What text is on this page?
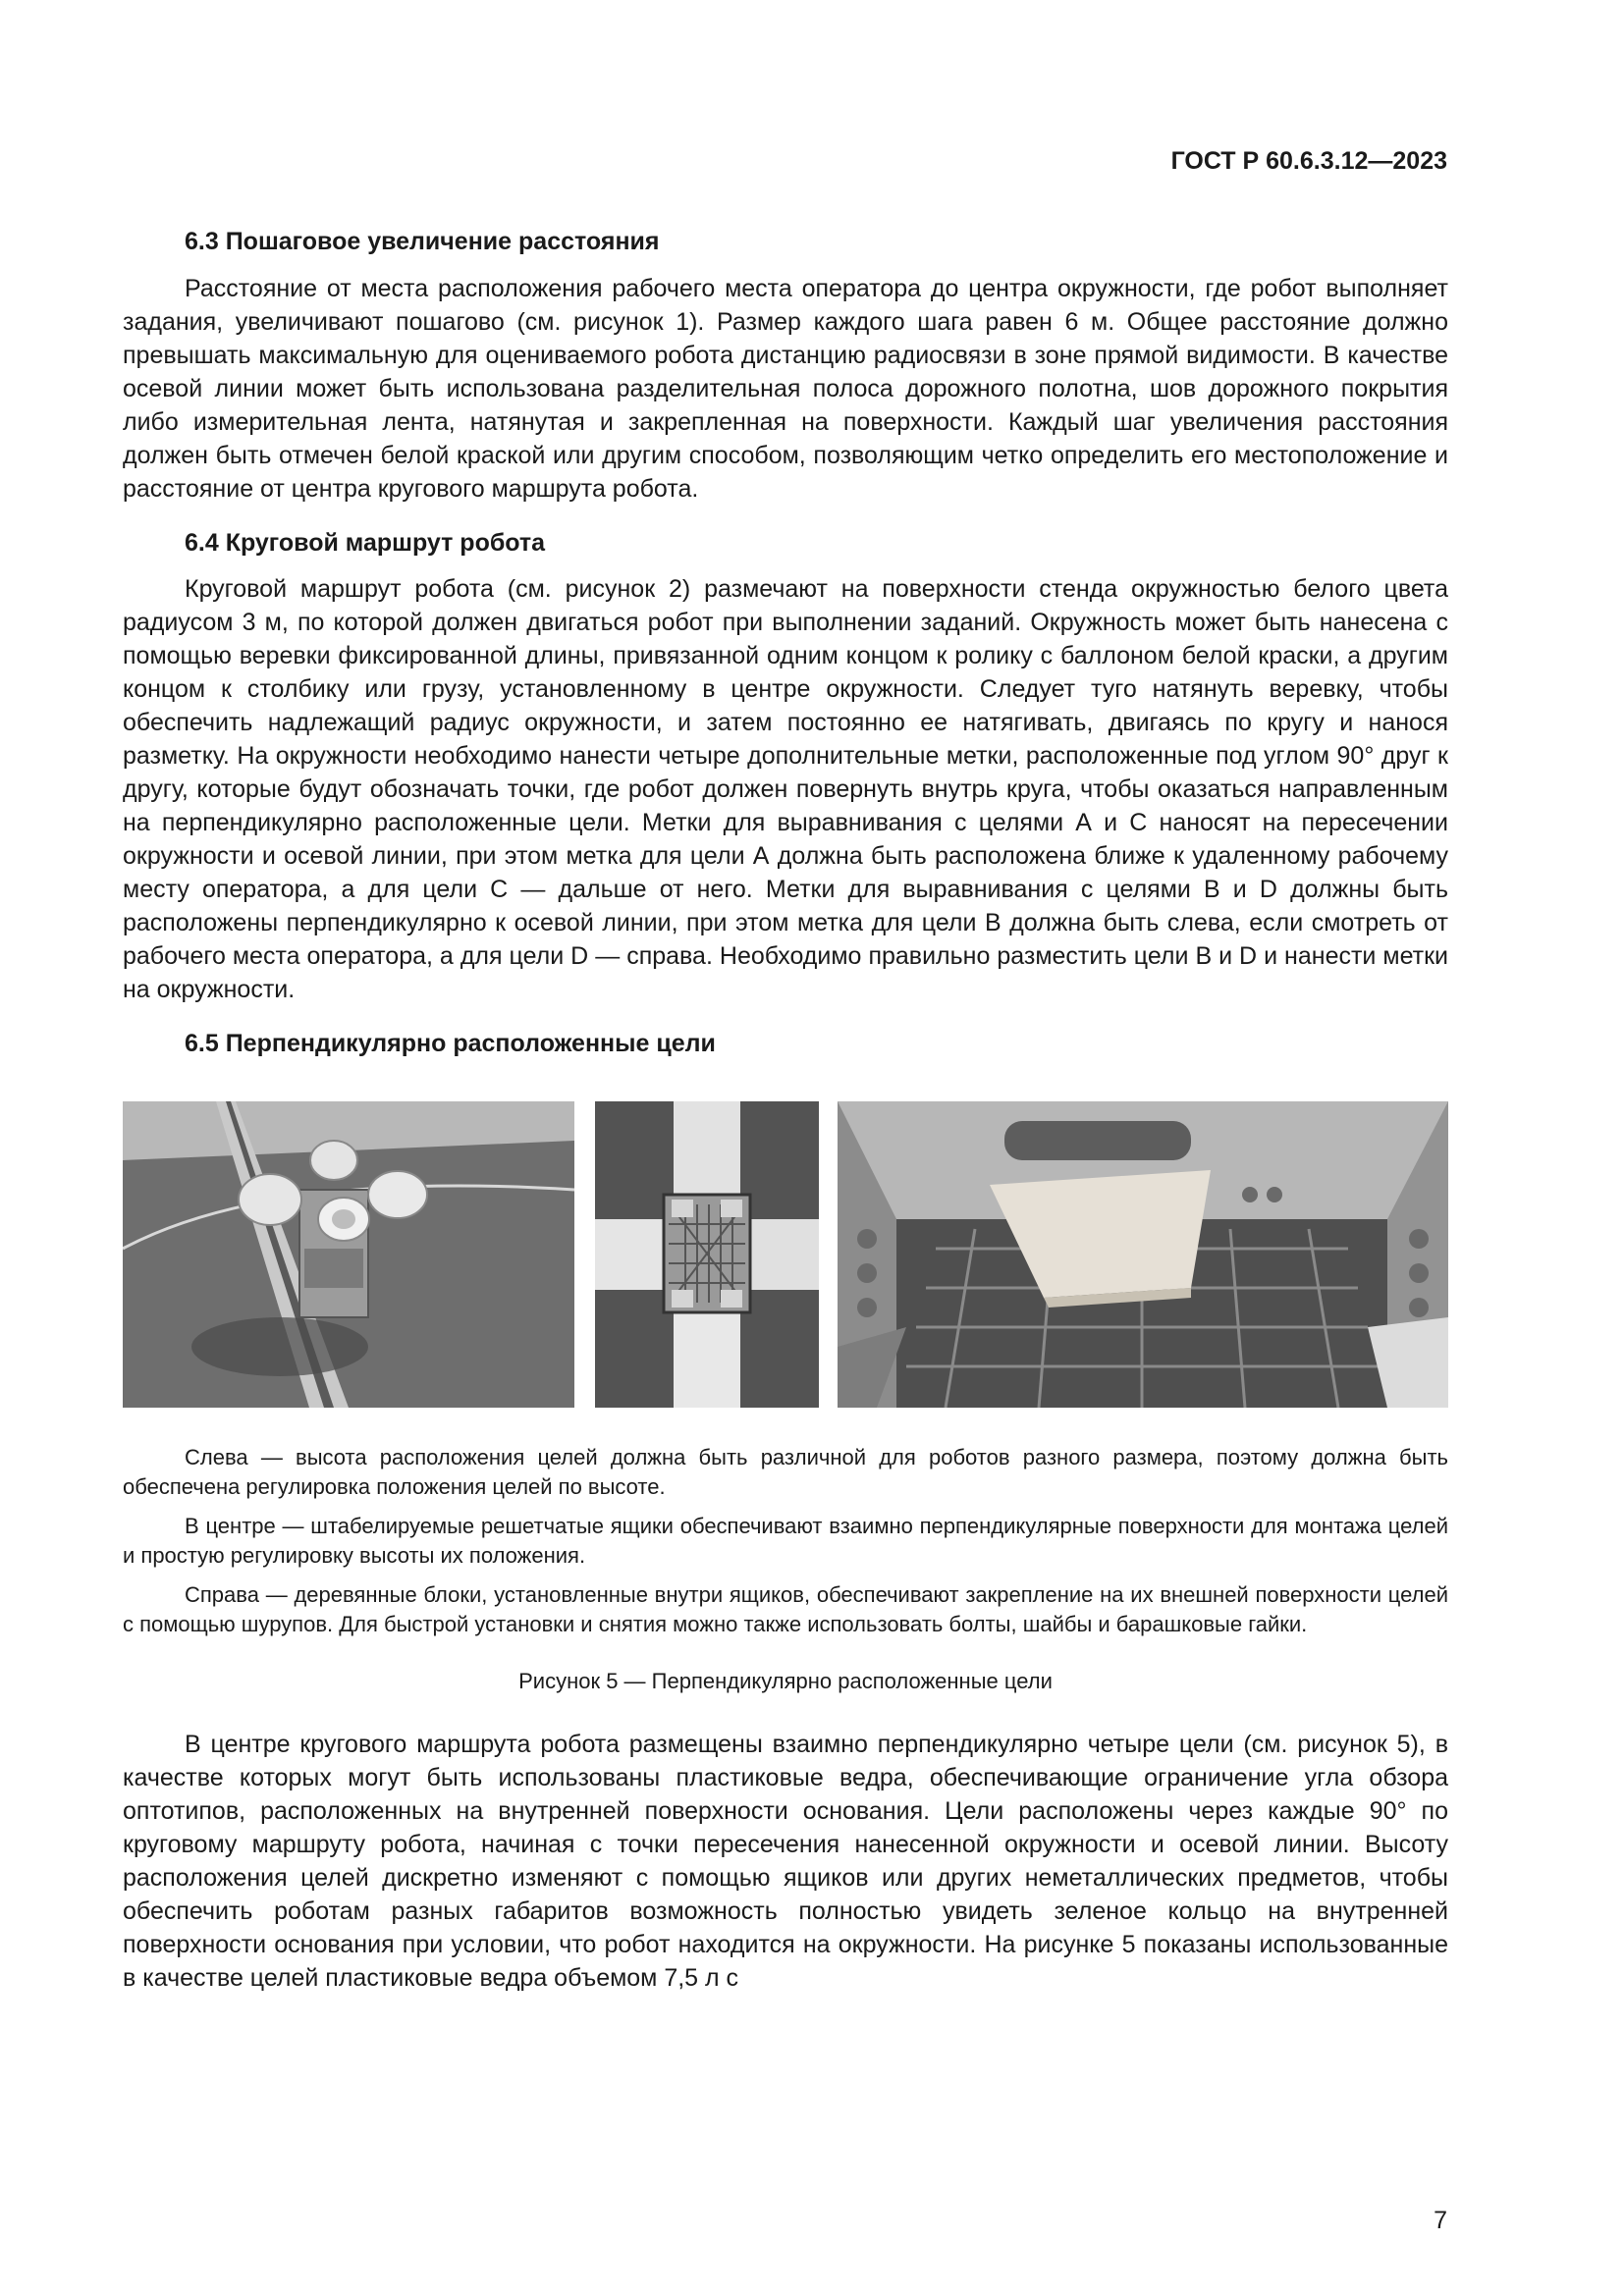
ГОСТ Р 60.6.3.12—2023
6.3 Пошаговое увеличение расстояния

Расстояние от места расположения рабочего места оператора до центра окружности, где робот выполняет задания, увеличивают пошагово (см. рисунок 1). Размер каждого шага равен 6 м. Общее расстояние должно превышать максимальную для оцениваемого робота дистанцию радиосвязи в зоне прямой видимости. В качестве осевой линии может быть использована разделительная полоса дорожного полотна, шов дорожного покрытия либо измерительная лента, натянутая и закрепленная на поверхности. Каждый шаг увеличения расстояния должен быть отмечен белой краской или другим способом, позволяющим четко определить его местоположение и расстояние от центра кругового маршрута робота.

6.4 Круговой маршрут робота

Круговой маршрут робота (см. рисунок 2) размечают на поверхности стенда окружностью белого цвета радиусом 3 м, по которой должен двигаться робот при выполнении заданий. Окружность может быть нанесена с помощью веревки фиксированной длины, привязанной одним концом к ролику с баллоном белой краски, а другим концом к столбику или грузу, установленному в центре окружности. Следует туго натянуть веревку, чтобы обеспечить надлежащий радиус окружности, и затем постоянно ее натягивать, двигаясь по кругу и нанося разметку. На окружности необходимо нанести четыре дополнительные метки, расположенные под углом 90° друг к другу, которые будут обозначать точки, где робот должен повернуть внутрь круга, чтобы оказаться направленным на перпендикулярно расположенные цели. Метки для выравнивания с целями А и С наносят на пересечении окружности и осевой линии, при этом метка для цели А должна быть расположена ближе к удаленному рабочему месту оператора, а для цели С — дальше от него. Метки для выравнивания с целями В и D должны быть расположены перпендикулярно к осевой линии, при этом метка для цели В должна быть слева, если смотреть от рабочего места оператора, а для цели D — справа. Необходимо правильно разместить цели В и D и нанести метки на окружности.

6.5 Перпендикулярно расположенные цели

Слева — высота расположения целей должна быть различной для роботов разного размера, поэтому должна быть обеспечена регулировка положения целей по высоте.

В центре — штабелируемые решетчатые ящики обеспечивают взаимно перпендикулярные поверхности для монтажа целей и простую регулировку высоты их положения.

Справа — деревянные блоки, установленные внутри ящиков, обеспечивают закрепление на их внешней поверхности целей с помощью шурупов. Для быстрой установки и снятия можно также использовать болты, шайбы и барашковые гайки.

Рисунок 5 — Перпендикулярно расположенные цели

В центре кругового маршрута робота размещены взаимно перпендикулярно четыре цели (см. рисунок 5), в качестве которых могут быть использованы пластиковые ведра, обеспечивающие ограничение угла обзора оптотипов, расположенных на внутренней поверхности основания. Цели расположены через каждые 90° по круговому маршруту робота, начиная с точки пересечения нанесенной окружности и осевой линии. Высоту расположения целей дискретно изменяют с помощью ящиков или других неметаллических предметов, чтобы обеспечить роботам разных габаритов возможность полностью увидеть зеленое кольцо на внутренней поверхности основания при условии, что робот находится на окружности. На рисунке 5 показаны использованные в качестве целей пластиковые ведра объемом 7,5 л с

7
